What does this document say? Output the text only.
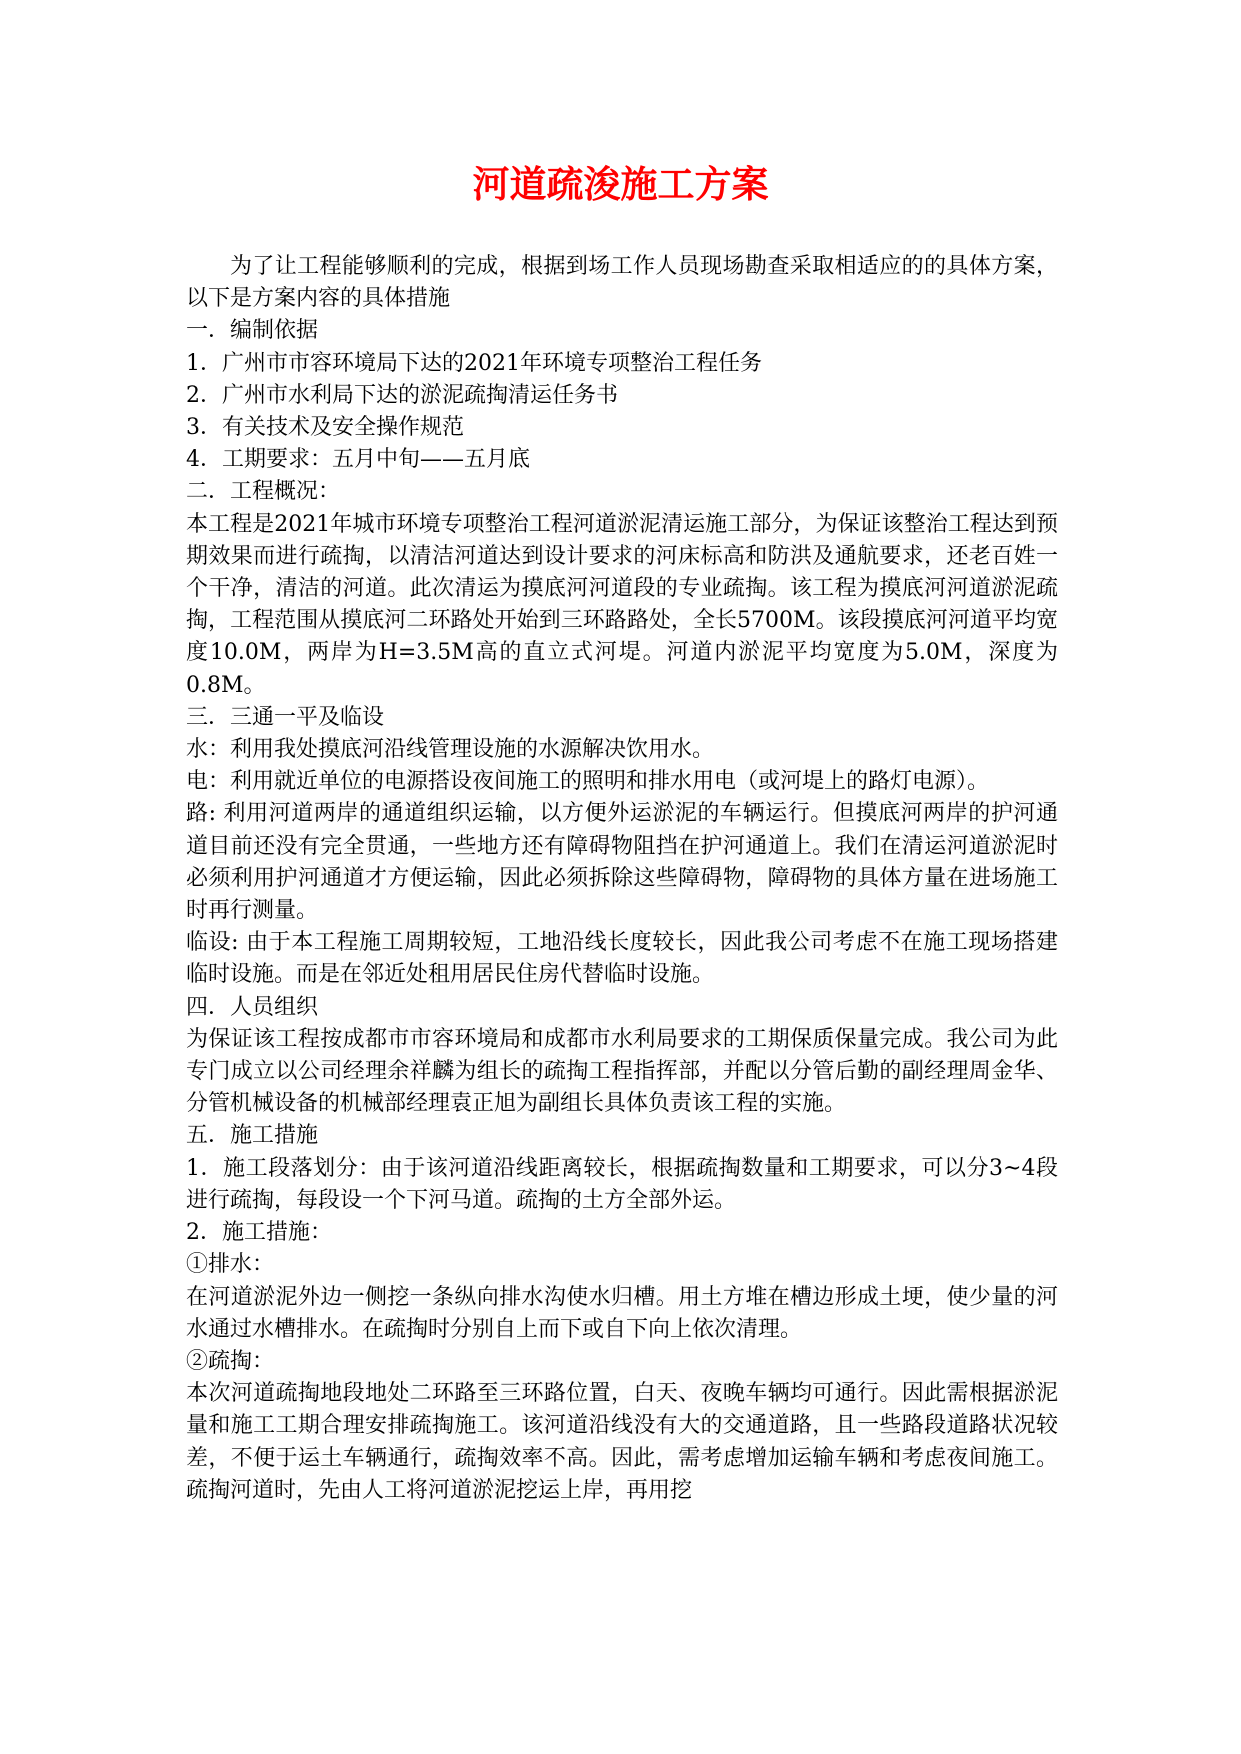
河道疏浚施工方案

为了让工程能够顺利的完成，根据到场工作人员现场勘查采取相适应的的具体方案，以下是方案内容的具体措施

一．编制依据

1．广州市市容环境局下达的2021年环境专项整治工程任务

2．广州市水利局下达的淤泥疏掏清运任务书

3．有关技术及安全操作规范

4．工期要求：五月中旬——五月底

二．工程概况：

本工程是2021年城市环境专项整治工程河道淤泥清运施工部分，为保证该整治工程达到预期效果而进行疏掏，以清洁河道达到设计要求的河床标高和防洪及通航要求，还老百姓一个干净，清洁的河道。此次清运为摸底河河道段的专业疏掏。该工程为摸底河河道淤泥疏掏，工程范围从摸底河二环路处开始到三环路路处，全长5700M。该段摸底河河道平均宽度10.0M，两岸为H=3.5M高的直立式河堤。河道内淤泥平均宽度为5.0M，深度为0.8M。

三．三通一平及临设

水：利用我处摸底河沿线管理设施的水源解决饮用水。

电：利用就近单位的电源搭设夜间施工的照明和排水用电（或河堤上的路灯电源）。

路: 利用河道两岸的通道组织运输，以方便外运淤泥的车辆运行。但摸底河两岸的护河通道目前还没有完全贯通，一些地方还有障碍物阻挡在护河通道上。我们在清运河道淤泥时必须利用护河通道才方便运输，因此必须拆除这些障碍物，障碍物的具体方量在进场施工时再行测量。

临设: 由于本工程施工周期较短，工地沿线长度较长，因此我公司考虑不在施工现场搭建临时设施。而是在邻近处租用居民住房代替临时设施。

四．人员组织

为保证该工程按成都市市容环境局和成都市水利局要求的工期保质保量完成。我公司为此专门成立以公司经理余祥麟为组长的疏掏工程指挥部，并配以分管后勤的副经理周金华、分管机械设备的机械部经理袁正旭为副组长具体负责该工程的实施。

五．施工措施

1．施工段落划分：由于该河道沿线距离较长，根据疏掏数量和工期要求，可以分3~4段进行疏掏，每段设一个下河马道。疏掏的土方全部外运。

2．施工措施：

①排水：

在河道淤泥外边一侧挖一条纵向排水沟使水归槽。用土方堆在槽边形成土埂，使少量的河水通过水槽排水。在疏掏时分别自上而下或自下向上依次清理。

②疏掏：

本次河道疏掏地段地处二环路至三环路位置，白天、夜晚车辆均可通行。因此需根据淤泥量和施工工期合理安排疏掏施工。该河道沿线没有大的交通道路，且一些路段道路状况较差，不便于运土车辆通行，疏掏效率不高。因此，需考虑增加运输车辆和考虑夜间施工。疏掏河道时，先由人工将河道淤泥挖运上岸，再用挖
